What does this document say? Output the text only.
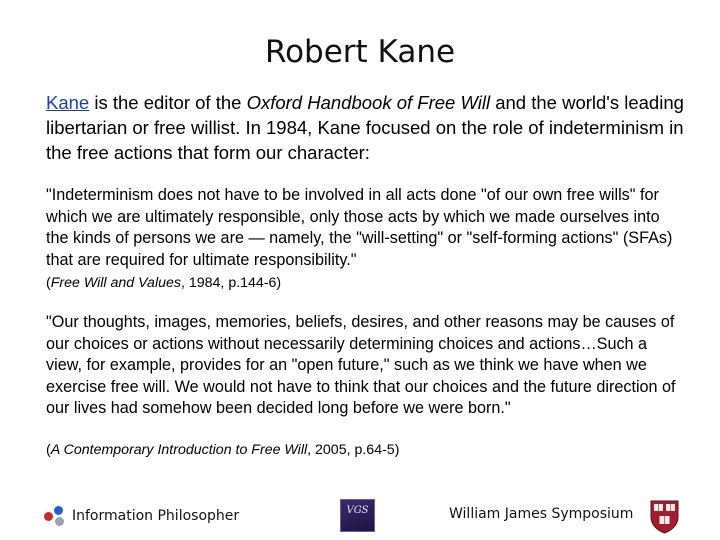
Robert Kane
Kane is the editor of the Oxford Handbook of Free Will and the world's leading libertarian or free willist. In 1984, Kane focused on the role of indeterminism in the free actions that form our character:
"Indeterminism does not have to be involved in all acts done "of our own free wills" for which we are ultimately responsible, only those acts by which we made ourselves into the kinds of persons we are — namely, the "will-setting" or "self-forming actions" (SFAs) that are required for ultimate responsibility."
(Free Will and Values, 1984, p.144-6)
"Our thoughts, images, memories, beliefs, desires, and other reasons may be causes of our choices or actions without necessarily determining choices and actions…Such a view, for example, provides for an "open future," such as we think we have when we exercise free will. We would not have to think that our choices and the future direction of our lives had somehow been decided long before we were born."
(A Contemporary Introduction to Free Will, 2005, p.64-5)
Information Philosopher	VGS
	William James Symposium
